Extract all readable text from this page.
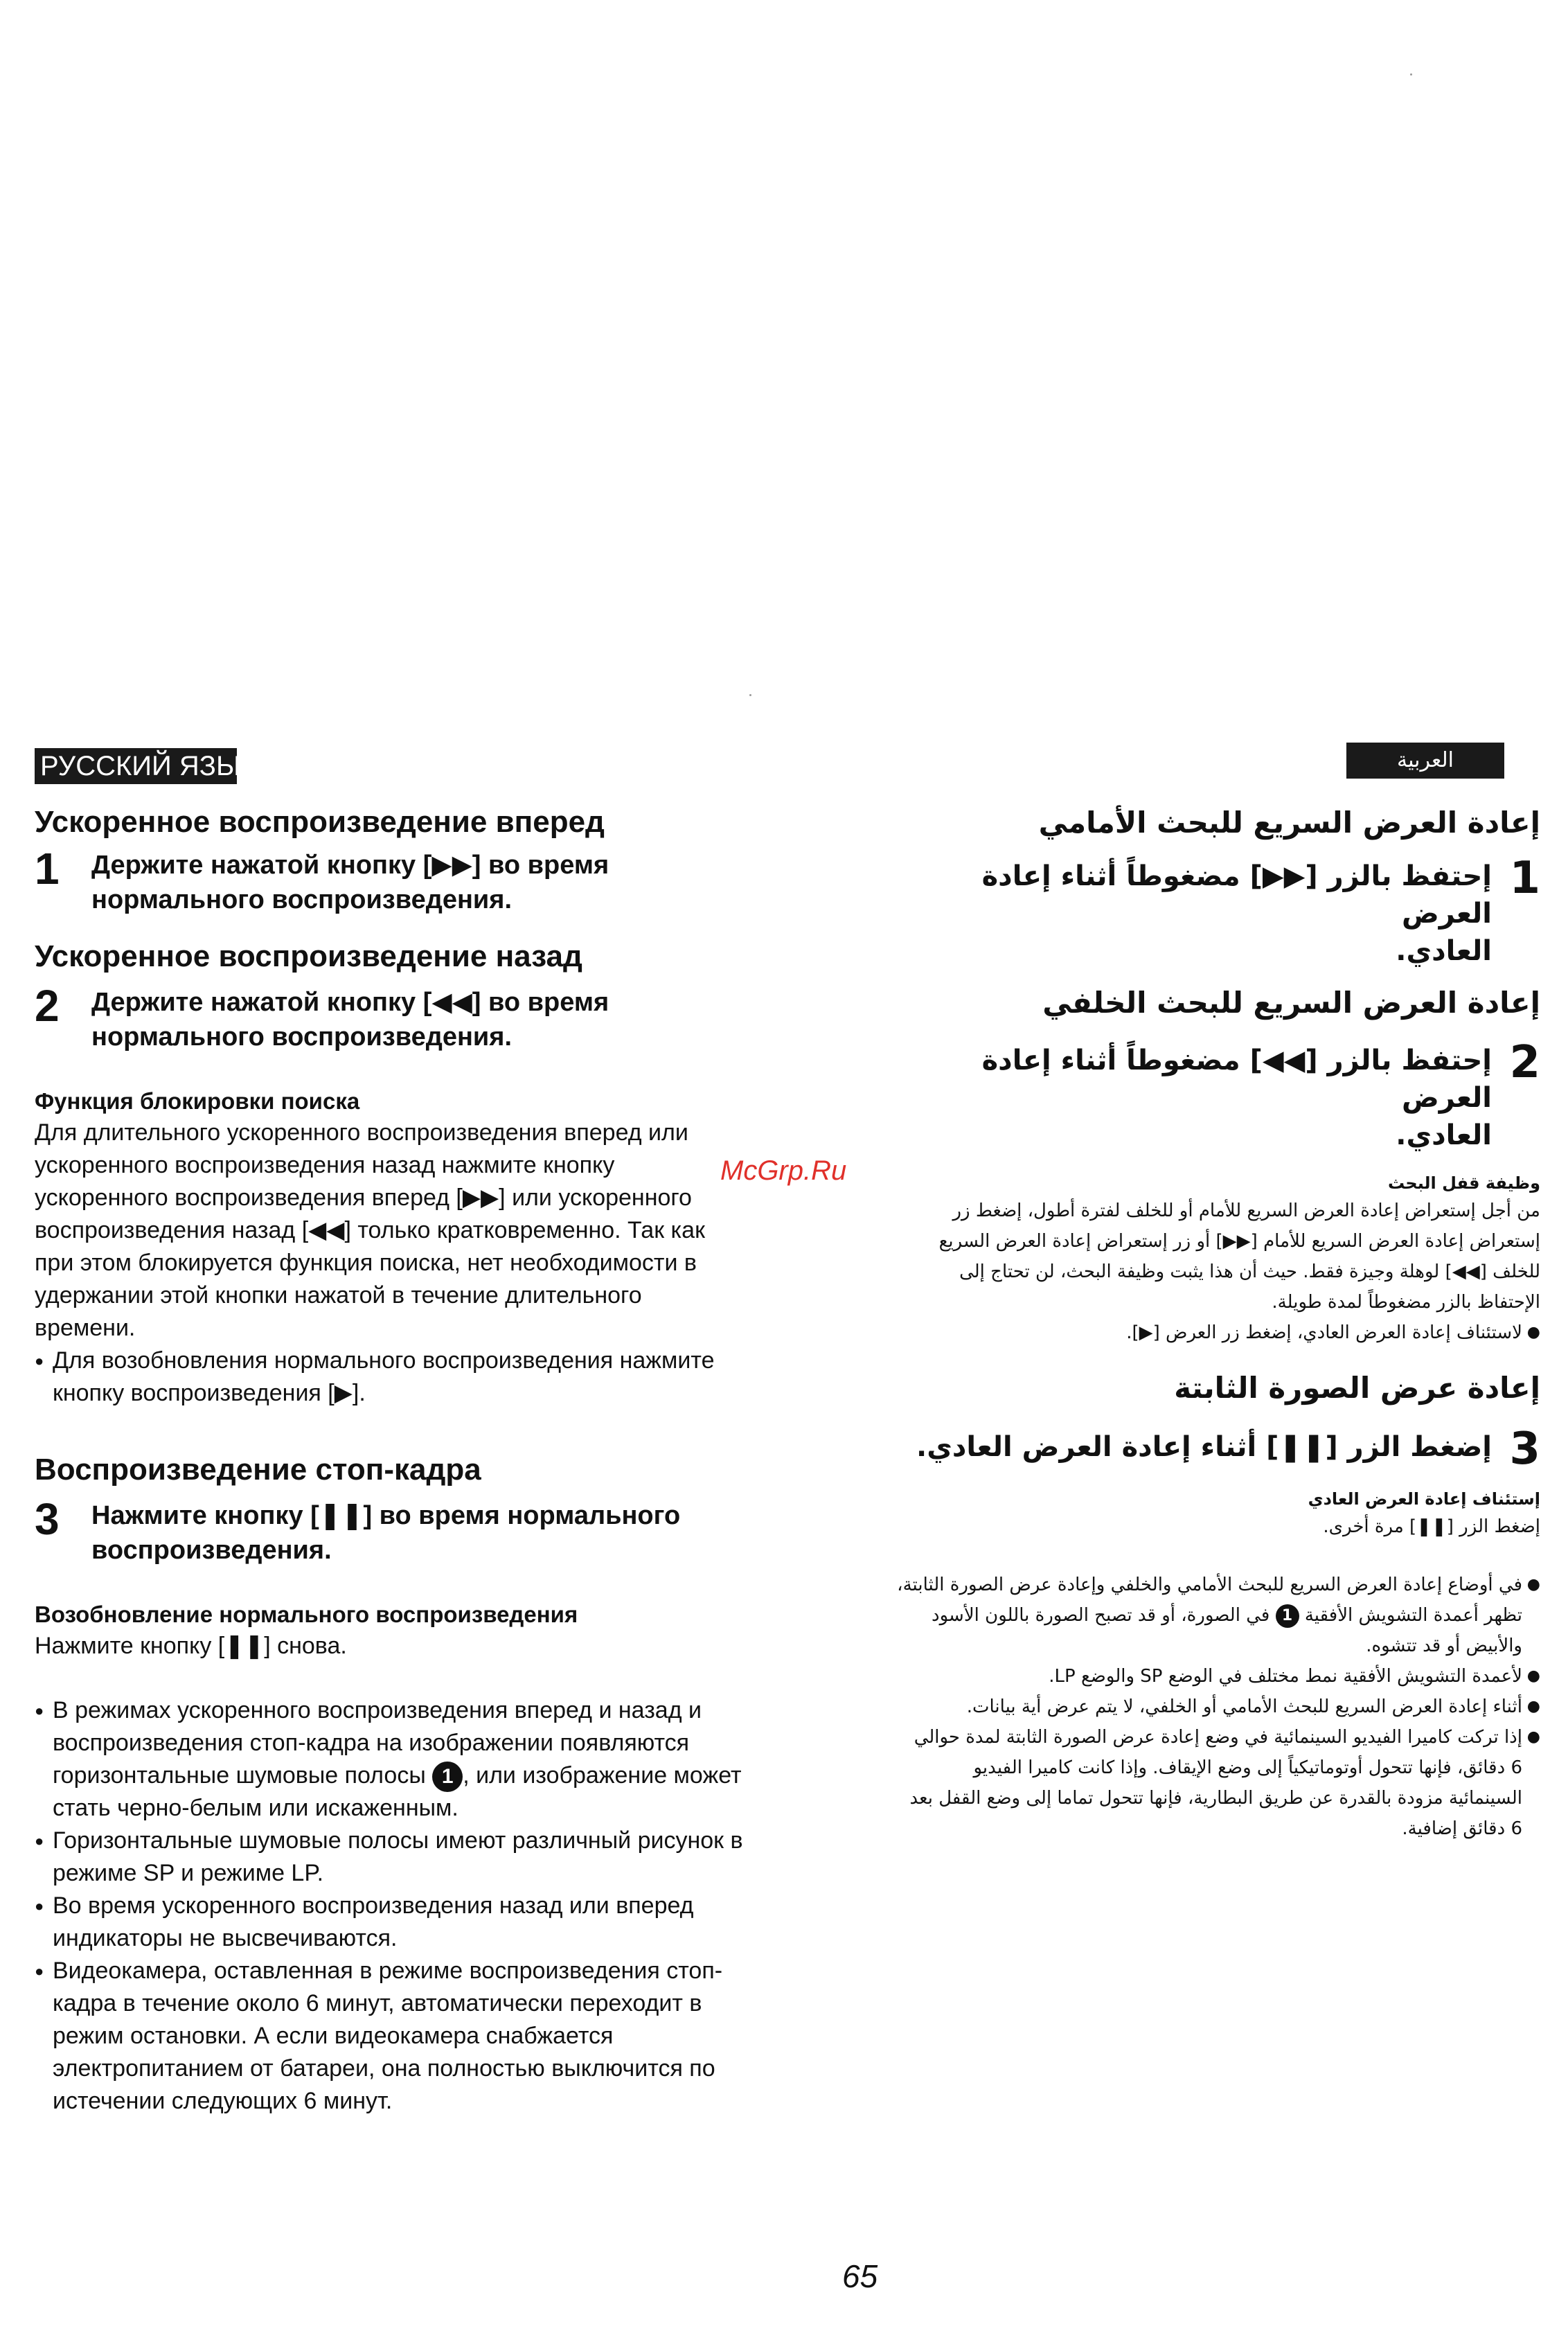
РУССКИЙ ЯЗЫК
Ускоренное воспроизведение вперед
1	Держите нажатой кнопку [▶▶] во время
нормального воспроизведения.
Ускоренное воспроизведение назад
2	Держите нажатой кнопку [◀◀] во время
нормального воспроизведения.
Функция блокировки поиска
Для длительного ускоренного воспроизведения вперед или
ускоренного воспроизведения назад нажмите кнопку
ускоренного воспроизведения вперед [▶▶] или ускоренного
воспроизведения назад [◀◀] только кратковременно. Так как
при этом блокируется функция поиска, нет необходимости в
удержании этой кнопки нажатой в течение длительного
времени.
● Для возобновления нормального воспроизведения нажмите
кнопку воспроизведения [▶].
Воспроизведение стоп-кадра
3	Нажмите кнопку [❚❚] во время нормального
воспроизведения.
Возобновление нормального воспроизведения
Нажмите кнопку [❚❚] снова.
● В режимах ускоренного воспроизведения вперед и назад и
воспроизведения стоп-кадра на изображении появляются
горизонтальные шумовые полосы 1 , или изображение может
стать черно-белым или искаженным.
● Горизонтальные шумовые полосы имеют различный рисунок в
режиме SP и режиме LP.
● Во время ускоренного воспроизведения назад или вперед
индикаторы не высвечиваются.
● Видеокамера, оставленная в режиме воспроизведения стоп-
кадра в течение около 6 минут, автоматически переходит в
режим остановки. А если видеокамера снабжается
электропитанием от батареи, она полностью выключится по
истечении следующих 6 минут.
McGrp.Ru
العربية
إعادة العرض السريع للبحث الأمامي
1
إحتفظ بالزر [▶▶] مضغوطاً أثناء إعادة العرض
العادي.
إعادة العرض السريع للبحث الخلفي
2
إحتفظ بالزر [◀◀] مضغوطاً أثناء إعادة العرض
العادي.
وظيفة قفل البحث
من أجل إستعراض إعادة العرض السريع للأمام أو للخلف لفترة أطول، إضغط زر
إستعراض إعادة العرض السريع للأمام [▶▶] أو زر إستعراض إعادة العرض السريع
للخلف [◀◀] لوهلة وجيزة فقط. حيث أن هذا يثبت وظيفة البحث، لن تحتاج إلى
الإحتفاظ بالزر مضغوطاً لمدة طويلة.
● لاستئناف إعادة العرض العادي، إضغط زر العرض [▶].
إعادة عرض الصورة الثابتة
3
إضغط الزر [❚❚] أثناء إعادة العرض العادي.
إستئناف إعادة العرض العادي
إضغط الزر [❚❚] مرة أخرى.
● في أوضاع إعادة العرض السريع للبحث الأمامي والخلفي وإعادة عرض الصورة الثابتة،
تظهر أعمدة التشويش الأفقية 1 في الصورة، أو قد تصبح الصورة باللون الأسود
والأبيض أو قد تتشوه.
● لأعمدة التشويش الأفقية نمط مختلف في الوضع SP والوضع LP.
● أثناء إعادة العرض السريع للبحث الأمامي أو الخلفي، لا يتم عرض أية بيانات.
● إذا تركت كاميرا الفيديو السينمائية في وضع إعادة عرض الصورة الثابتة لمدة حوالي
6 دقائق، فإنها تتحول أوتوماتيكياً إلى وضع الإيقاف. وإذا كانت كاميرا الفيديو
السينمائية مزودة بالقدرة عن طريق البطارية، فإنها تتحول تماما إلى وضع القفل بعد
6 دقائق إضافية.
65
